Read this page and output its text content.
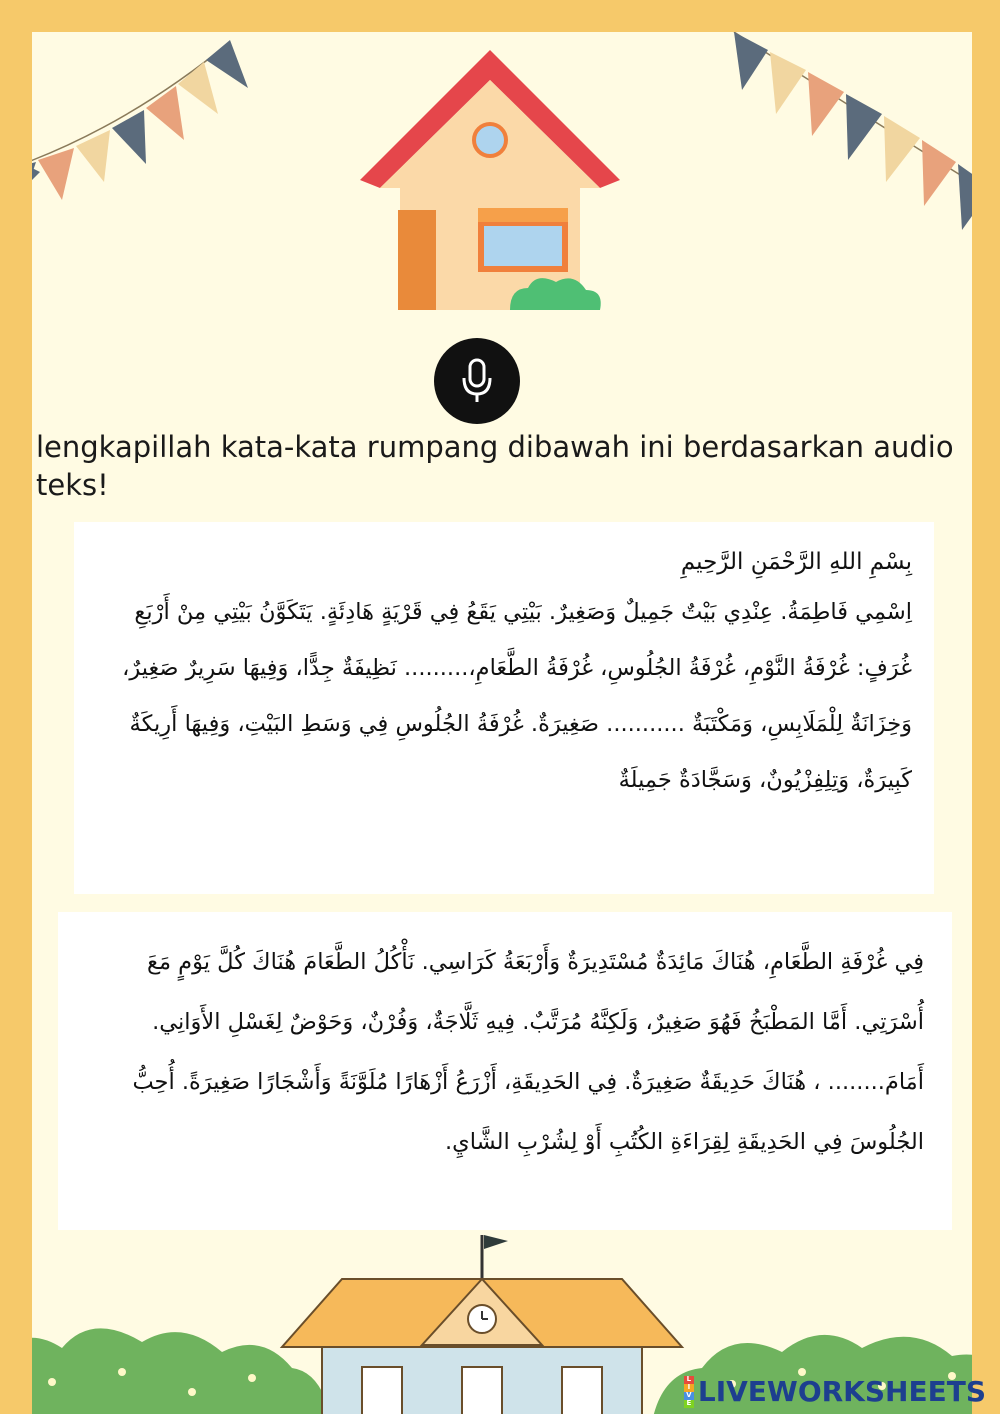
lengkapillah kata-kata rumpang dibawah ini berdasarkan audio teks!

بِسْمِ اللهِ الرَّحْمَنِ الرَّحِيمِ

اِسْمِي فَاطِمَةُ. عِنْدِي بَيْتٌ جَمِيلٌ وَصَغِيرٌ. بَيْتِي يَقَعُ فِي قَرْيَةٍ هَادِئَةٍ. يَتَكَوَّنُ بَيْتِي مِنْ أَرْبَعِ غُرَفٍ: غُرْفَةُ النَّوْمِ، غُرْفَةُ الجُلُوسِ، غُرْفَةُ الطَّعَامِ،......... نَظِيفَةٌ جِدًّا، وَفِيهَا سَرِيرٌ صَغِيرٌ، وَخِزَانَةٌ لِلْمَلَابِسِ، وَمَكْتَبَةٌ ........... صَغِيرَةٌ. غُرْفَةُ الجُلُوسِ فِي وَسَطِ البَيْتِ، وَفِيهَا أَرِيكَةٌ كَبِيرَةٌ، وَتِلِفِزْيُونٌ، وَسَجَّادَةٌ جَمِيلَةٌ

فِي غُرْفَةِ الطَّعَامِ، هُنَاكَ مَائِدَةٌ مُسْتَدِيرَةٌ وَأَرْبَعَةُ كَرَاسِي. نَأْكُلُ الطَّعَامَ هُنَاكَ كُلَّ يَوْمٍ مَعَ أُسْرَتِي. أَمَّا المَطْبَخُ فَهُوَ صَغِيرٌ، وَلَكِنَّهُ مُرَتَّبٌ. فِيهِ ثَلَّاجَةٌ، وَفُرْنٌ، وَحَوْضٌ لِغَسْلِ الأَوَانِي. أَمَامَ........ ، هُنَاكَ حَدِيقَةٌ صَغِيرَةٌ. فِي الحَدِيقَةِ، أَزْرَعُ أَزْهَارًا مُلَوَّنَةً وَأَشْجَارًا صَغِيرَةً. أُحِبُّ الجُلُوسَ فِي الحَدِيقَةِ لِقِرَاءَةِ الكُتُبِ أَوْ لِشُرْبِ الشَّايِ.

L
I
V
E LIVEWORKSHEETS
